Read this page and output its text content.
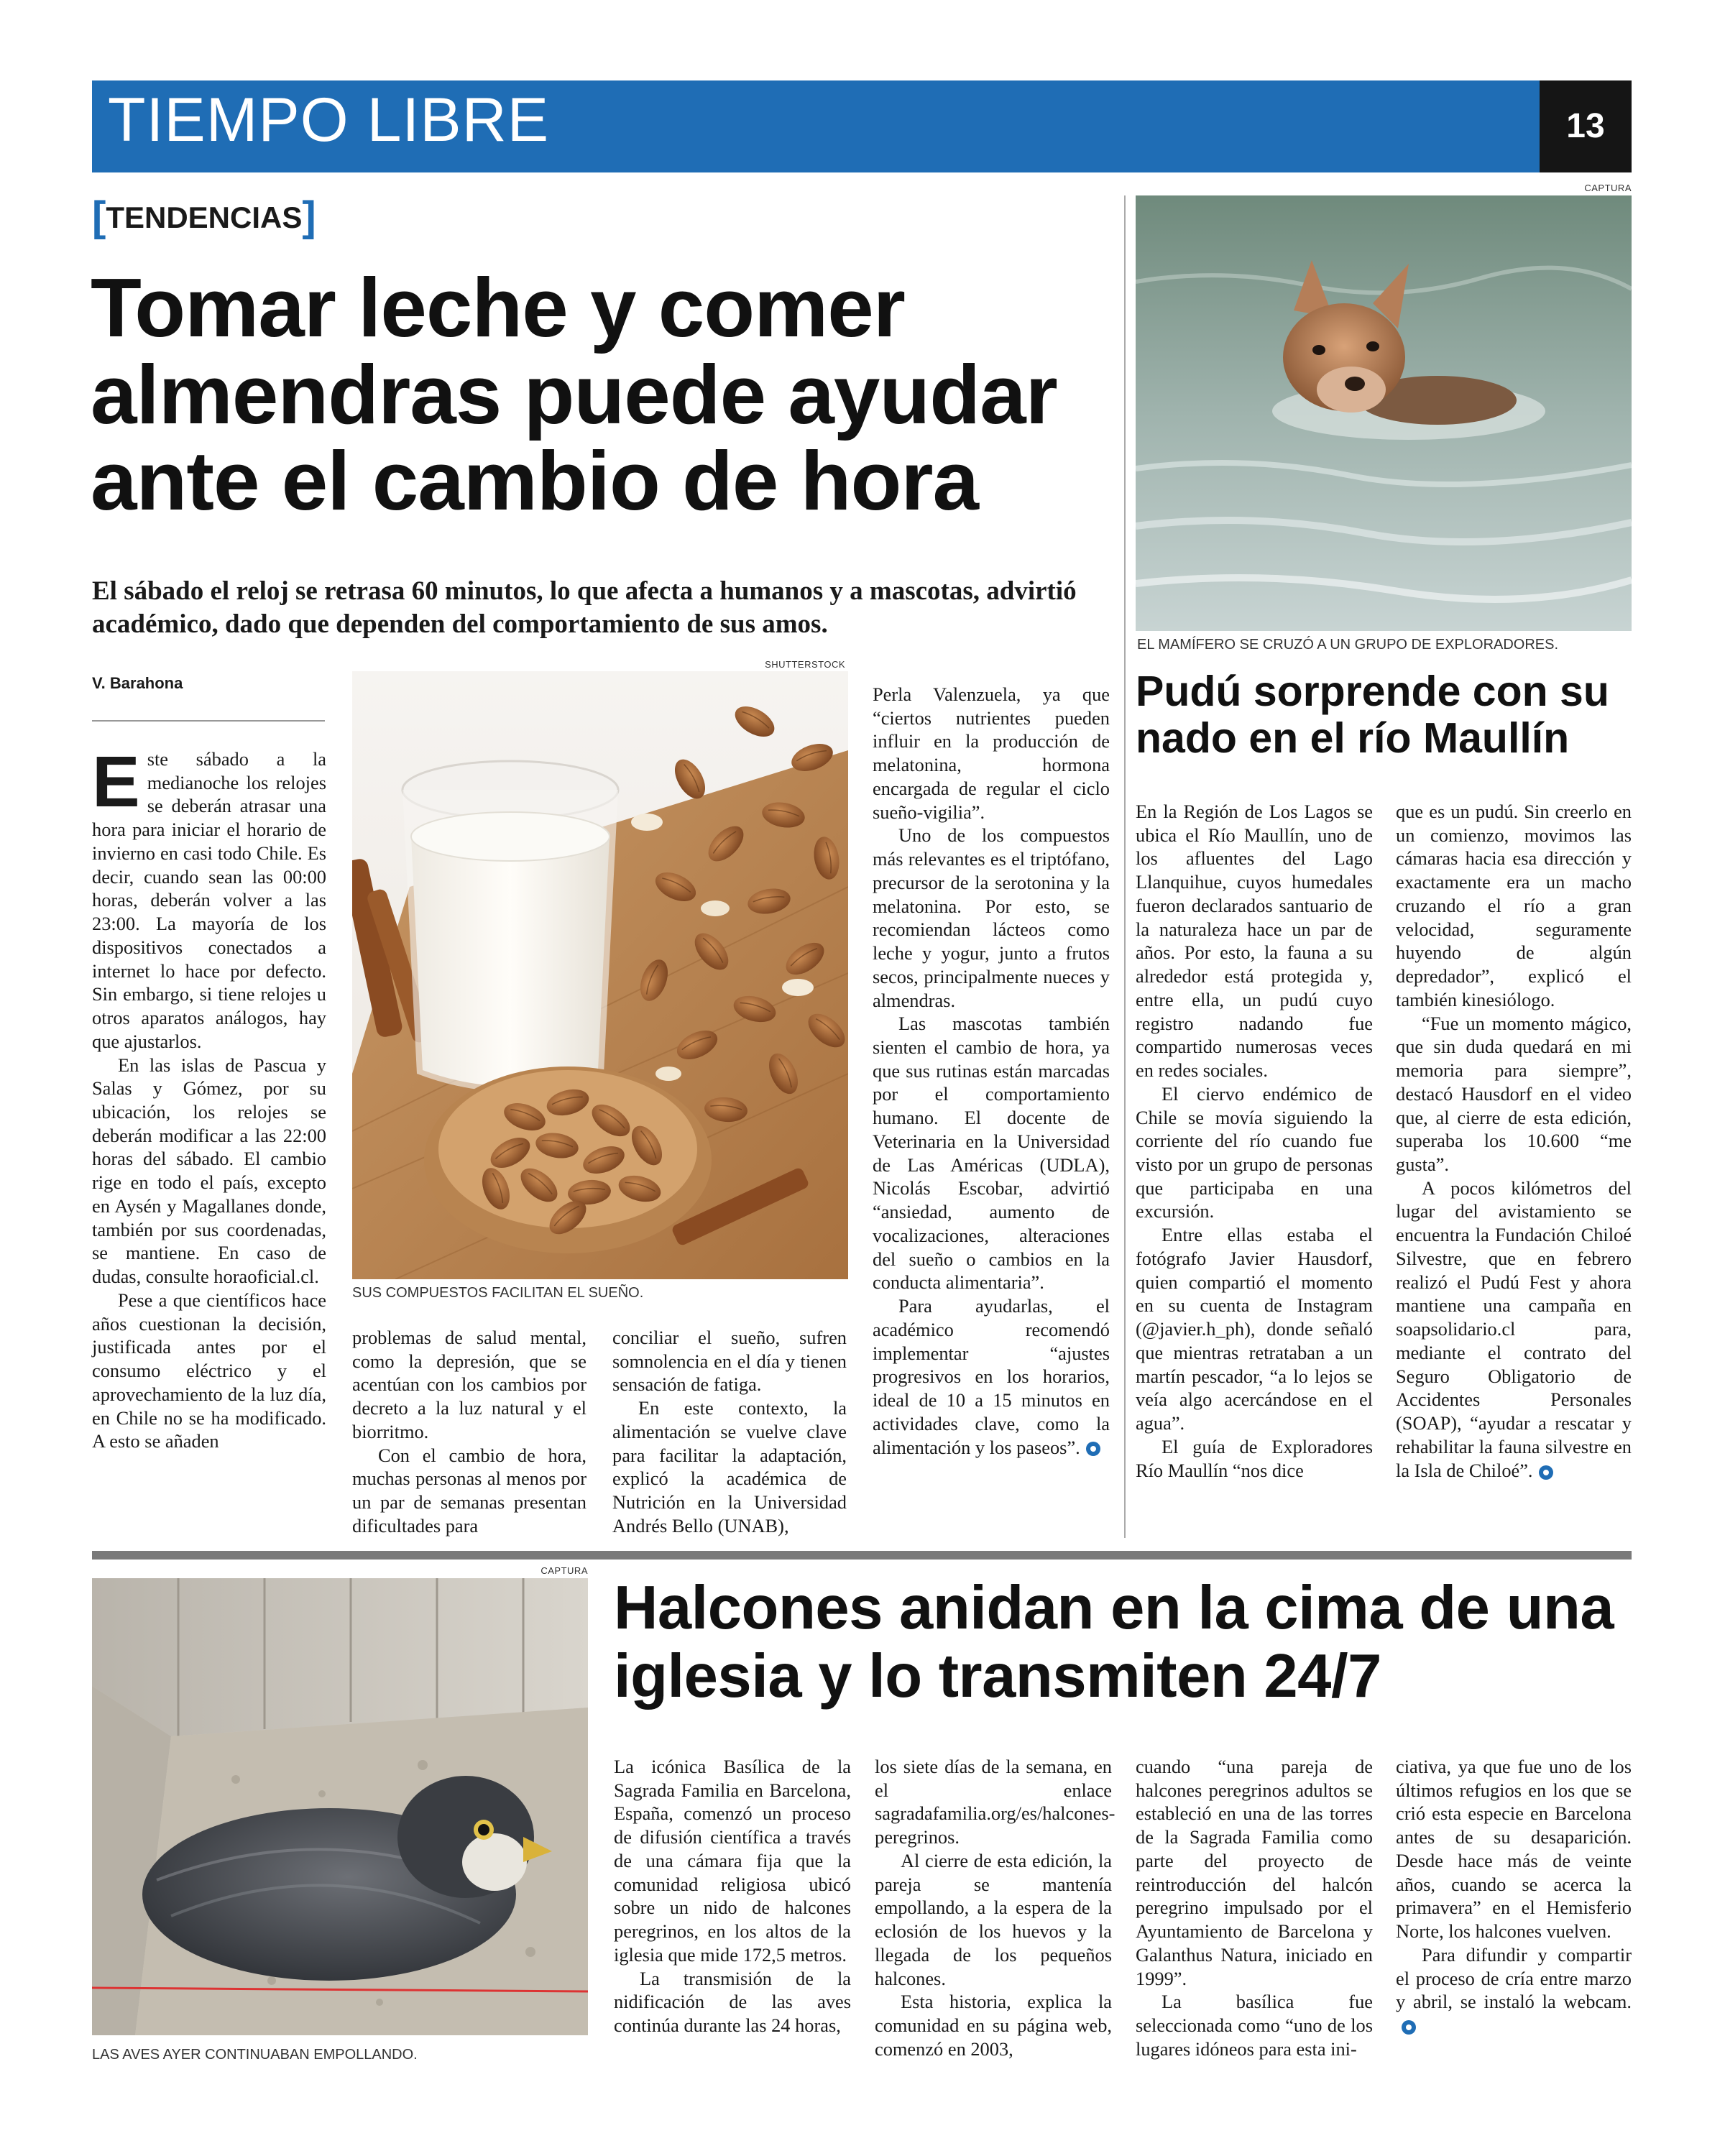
TIEMPO LIBRE	13
[TENDENCIAS]
Tomar leche y comer almendras puede ayudar ante el cambio de hora
El sábado el reloj se retrasa 60 minutos, lo que afecta a humanos y a mascotas, advirtió académico, dado que dependen del comportamiento de sus amos.
V. Barahona
SHUTTERSTOCK
SUS COMPUESTOS FACILITAN EL SUEÑO.

Este sábado a la medianoche los relojes se deberán atrasar una hora para iniciar el horario de invierno en casi todo Chile. Es decir, cuando sean las 00:00 horas, deberán volver a las 23:00. La mayoría de los dispositivos conectados a internet lo hace por defecto. Sin embargo, si tiene relojes u otros aparatos análogos, hay que ajustarlos.

En las islas de Pascua y Salas y Gómez, por su ubicación, los relojes se deberán modificar a las 22:00 horas del sábado. El cambio rige en todo el país, excepto en Aysén y Magallanes donde, también por sus coordenadas, se mantiene. En caso de dudas, consulte horaoficial.cl.

Pese a que científicos hace años cuestionan la decisión, justificada antes por el consumo eléctrico y el aprovechamiento de la luz día, en Chile no se ha modificado. A esto se añaden

problemas de salud mental, como la depresión, que se acentúan con los cambios por decreto a la luz natural y el biorritmo.

Con el cambio de hora, muchas personas al menos por un par de semanas presentan dificultades para

conciliar el sueño, sufren somnolencia en el día y tienen sensación de fatiga.

En este contexto, la alimentación se vuelve clave para facilitar la adaptación, explicó la académica de Nutrición en la Universidad Andrés Bello (UNAB),

Perla Valenzuela, ya que “ciertos nutrientes pueden influir en la producción de melatonina, hormona encargada de regular el ciclo sueño-vigilia”.

Uno de los compuestos más relevantes es el triptófano, precursor de la serotonina y la melatonina. Por esto, se recomiendan lácteos como leche y yogur, junto a frutos secos, principalmente nueces y almendras.

Las mascotas también sienten el cambio de hora, ya que sus rutinas están marcadas por el comportamiento humano. El docente de Veterinaria en la Universidad de Las Américas (UDLA), Nicolás Escobar, advirtió “ansiedad, aumento de vocalizaciones, alteraciones del sueño o cambios en la conducta alimentaria”.

Para ayudarlas, el académico recomendó implementar “ajustes progresivos en los horarios, ideal de 10 a 15 minutos en actividades clave, como la alimentación y los paseos”.

CAPTURA
EL MAMÍFERO SE CRUZÓ A UN GRUPO DE EXPLORADORES.
Pudú sorprende con su nado en el río Maullín

En la Región de Los Lagos se ubica el Río Maullín, uno de los afluentes del Lago Llanquihue, cuyos humedales fueron declarados santuario de la naturaleza hace un par de años. Por esto, la fauna a su alrededor está protegida y, entre ella, un pudú cuyo registro nadando fue compartido numerosas veces en redes sociales.

El ciervo endémico de Chile se movía siguiendo la corriente del río cuando fue visto por un grupo de personas que participaba en una excursión.

Entre ellas estaba el fotógrafo Javier Hausdorf, quien compartió el momento en su cuenta de Instagram (@javier.h_ph), donde señaló que mientras retrataban a un martín pescador, “a lo lejos se veía algo acercándose en el agua”.

El guía de Exploradores Río Maullín “nos dice

que es un pudú. Sin creerlo en un comienzo, movimos las cámaras hacia esa dirección y exactamente era un macho cruzando el río a gran velocidad, seguramente huyendo de algún depredador”, explicó el también kinesiólogo.

“Fue un momento mágico, que sin duda quedará en mi memoria para siempre”, destacó Hausdorf en el video que, al cierre de esta edición, superaba los 10.600 “me gusta”.

A pocos kilómetros del lugar del avistamiento se encuentra la Fundación Chiloé Silvestre, que en febrero realizó el Pudú Fest y ahora mantiene una campaña en soapsolidario.cl para, mediante el contrato del Seguro Obligatorio de Accidentes Personales (SOAP), “ayudar a rescatar y rehabilitar la fauna silvestre en la Isla de Chiloé”.

CAPTURA
LAS AVES AYER CONTINUABAN EMPOLLANDO.
Halcones anidan en la cima de una iglesia y lo transmiten 24/7

La icónica Basílica de la Sagrada Familia en Barcelona, España, comenzó un proceso de difusión científica a través de una cámara fija que la comunidad religiosa ubicó sobre un nido de halcones peregrinos, en los altos de la iglesia que mide 172,5 metros.

La transmisión de la nidificación de las aves continúa durante las 24 horas,

los siete días de la semana, en el enlace sagradafamilia.org/es/halcones-peregrinos.

Al cierre de esta edición, la pareja se mantenía empollando, a la espera de la eclosión de los huevos y la llegada de los pequeños halcones.

Esta historia, explica la comunidad en su página web, comenzó en 2003,

cuando “una pareja de halcones peregrinos adultos se estableció en una de las torres de la Sagrada Familia como parte del proyecto de reintroducción del halcón peregrino impulsado por el Ayuntamiento de Barcelona y Galanthus Natura, iniciado en 1999”.

La basílica fue seleccionada como “uno de los lugares idóneos para esta ini-

ciativa, ya que fue uno de los últimos refugios en los que se crió esta especie en Barcelona antes de su desaparición. Desde hace más de veinte años, cuando se acerca la primavera” en el Hemisferio Norte, los halcones vuelven.

Para difundir y compartir el proceso de cría entre marzo y abril, se instaló la webcam.
